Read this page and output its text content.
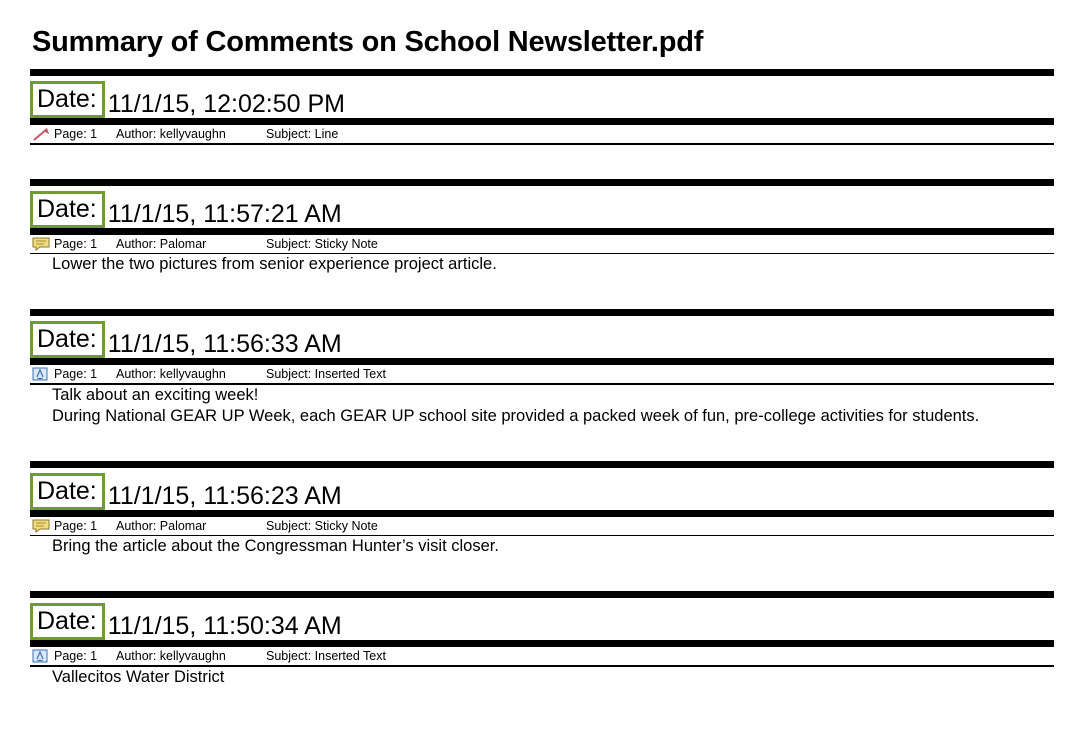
Summary of Comments on School Newsletter.pdf
Date: 11/1/15, 12:02:50 PM
Page: 1	Author: kellyvaughn	Subject: Line
Date: 11/1/15, 11:57:21 AM
Page: 1	Author: Palomar	Subject: Sticky Note
Lower the two pictures from senior experience project article.
Date: 11/1/15, 11:56:33 AM
Page: 1	Author: kellyvaughn	Subject: Inserted Text
Talk about an exciting week!
During National GEAR UP Week, each GEAR UP school site provided a packed week of fun, pre-college activities for students.
Date: 11/1/15, 11:56:23 AM
Page: 1	Author: Palomar	Subject: Sticky Note
Bring the article about the Congressman Hunter’s visit closer.
Date: 11/1/15, 11:50:34 AM
Page: 1	Author: kellyvaughn	Subject: Inserted Text
Vallecitos Water District
